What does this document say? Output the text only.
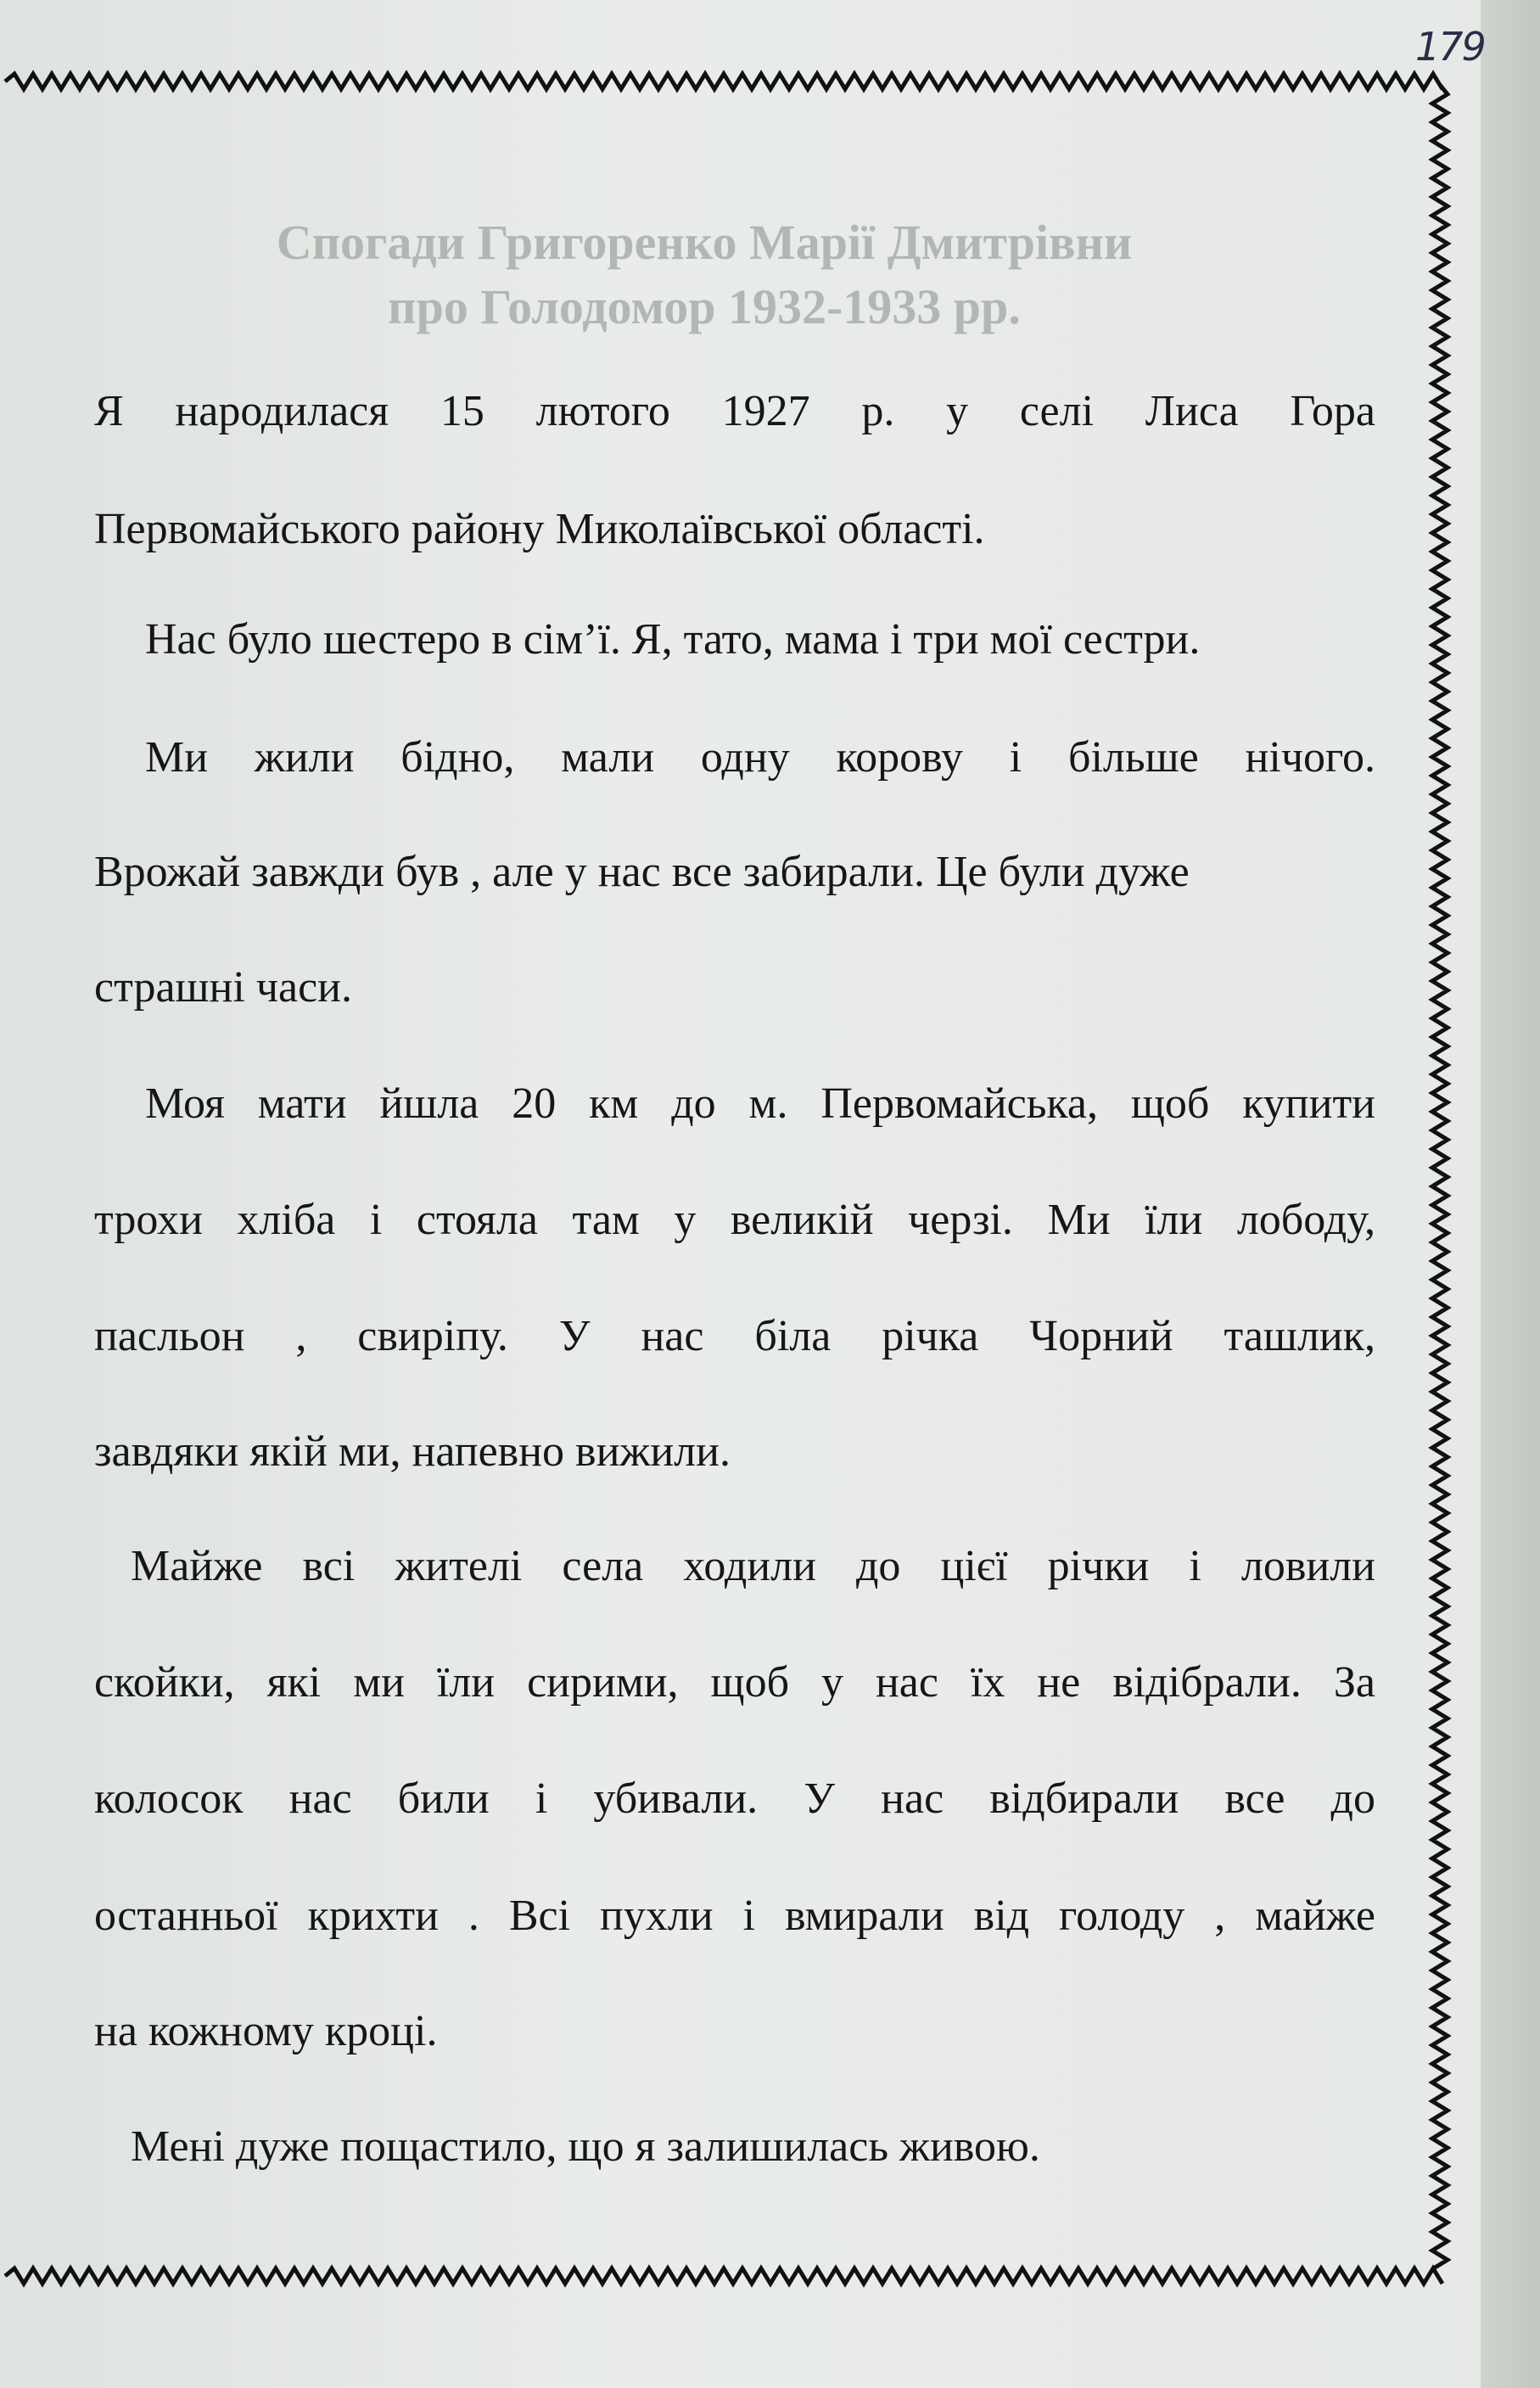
179
Спогади Григоренко Марії Дмитрівни
про Голодомор 1932-1933 рр.
Я народилася 15 лютого 1927 р. у селі Лиса Гора
Первомайського району Миколаївської області.
Нас було шестеро в сім’ї. Я, тато, мама і три мої сестри.
Ми жили бідно, мали одну корову і більше нічого.
Врожай завжди був , але у нас все забирали. Це були дуже
страшні часи.
Моя мати йшла 20 км до м. Первомайська, щоб купити
трохи хліба і стояла там у великій черзі. Ми їли лободу,
пасльон , свиріпу. У нас біла річка Чорний ташлик,
завдяки якій ми, напевно вижили.
Майже всі жителі села ходили до цієї річки і ловили
скойки, які ми їли сирими, щоб у нас їх не відібрали. За
колосок нас били і убивали. У нас відбирали все до
останньої крихти . Всі пухли і вмирали від голоду , майже
на кожному кроці.
Мені дуже пощастило, що я залишилась живою.
